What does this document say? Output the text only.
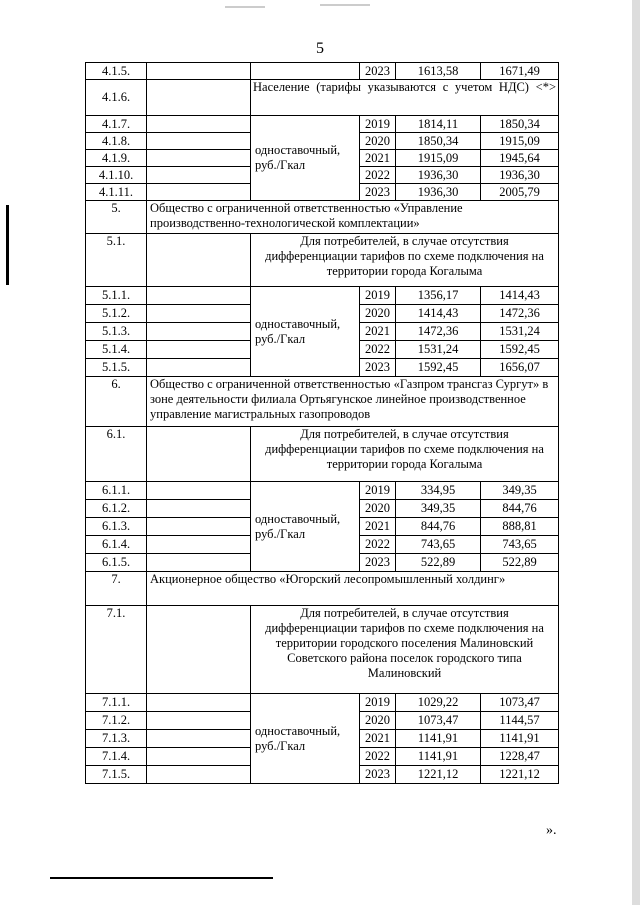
5
4.1.5.			2023	1613,58	1671,49
4.1.6.		Население (тарифы указываются с учетом НДС) <*>			
4.1.7.		одноставочный, руб./Гкал	2019	1814,11	1850,34
4.1.8.			2020	1850,34	1915,09
4.1.9.			2021	1915,09	1945,64
4.1.10.			2022	1936,30	1936,30
4.1.11.			2023	1936,30	2005,79
5.	Общество с ограниченной ответственностью «Управление производственно-технологической комплектации»				
5.1.		Для потребителей, в случае отсутствия дифференциации тарифов по схеме подключения на территории города Когалыма			
5.1.1.		одноставочный, руб./Гкал	2019	1356,17	1414,43
5.1.2.			2020	1414,43	1472,36
5.1.3.			2021	1472,36	1531,24
5.1.4.			2022	1531,24	1592,45
5.1.5.			2023	1592,45	1656,07
6.	Общество с ограниченной ответственностью «Газпром трансгаз Сургут» в зоне деятельности филиала Ортьягунское линейное производственное управление магистральных газопроводов				
6.1.		Для потребителей, в случае отсутствия дифференциации тарифов по схеме подключения на территории города Когалыма			
6.1.1.		одноставочный, руб./Гкал	2019	334,95	349,35
6.1.2.			2020	349,35	844,76
6.1.3.			2021	844,76	888,81
6.1.4.			2022	743,65	743,65
6.1.5.			2023	522,89	522,89
7.	Акционерное общество «Югорский лесопромышленный холдинг»				
7.1.		Для потребителей, в случае отсутствия дифференциации тарифов по схеме подключения на территории городского поселения Малиновский Советского района поселок городского типа Малиновский			
7.1.1.		одноставочный, руб./Гкал	2019	1029,22	1073,47
7.1.2.			2020	1073,47	1144,57
7.1.3.			2021	1141,91	1141,91
7.1.4.			2022	1141,91	1228,47
7.1.5.			2023	1221,12	1221,12
».
